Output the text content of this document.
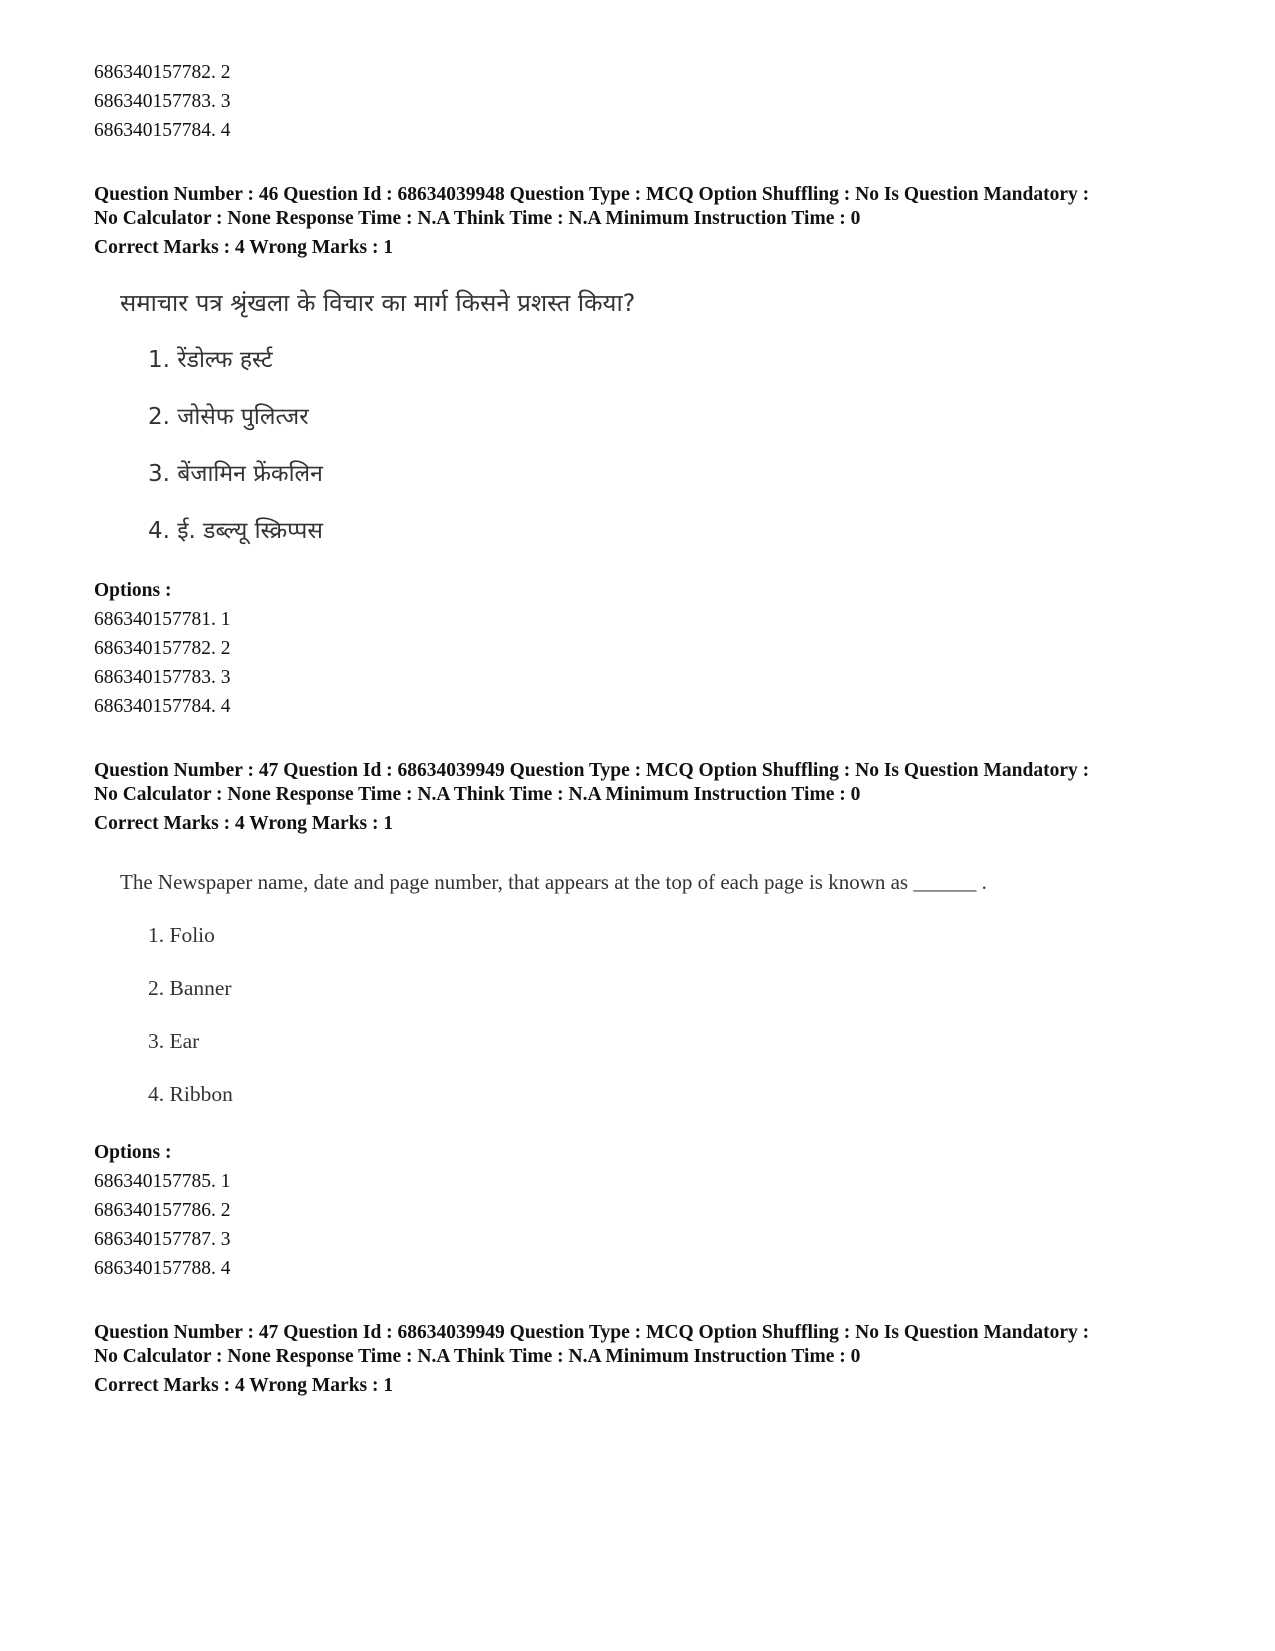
686340157782. 2
686340157783. 3
686340157784. 4
Question Number : 46 Question Id : 68634039948 Question Type : MCQ Option Shuffling : No Is Question Mandatory :
No Calculator : None Response Time : N.A Think Time : N.A Minimum Instruction Time : 0
Correct Marks : 4 Wrong Marks : 1
समाचार पत्र श्रृंखला के विचार का मार्ग किसने प्रशस्त किया?
1. रेंडोल्फ हर्स्ट
2. जोसेफ पुलित्जर
3. बेंजामिन फ्रेंकलिन
4. ई. डब्ल्यू स्क्रिप्पस
Options :
686340157781. 1
686340157782. 2
686340157783. 3
686340157784. 4
Question Number : 47 Question Id : 68634039949 Question Type : MCQ Option Shuffling : No Is Question Mandatory :
No Calculator : None Response Time : N.A Think Time : N.A Minimum Instruction Time : 0
Correct Marks : 4 Wrong Marks : 1
The Newspaper name, date and page number, that appears at the top of each page is known as ______ .
1. Folio
2. Banner
3. Ear
4. Ribbon
Options :
686340157785. 1
686340157786. 2
686340157787. 3
686340157788. 4
Question Number : 47 Question Id : 68634039949 Question Type : MCQ Option Shuffling : No Is Question Mandatory :
No Calculator : None Response Time : N.A Think Time : N.A Minimum Instruction Time : 0
Correct Marks : 4 Wrong Marks : 1
